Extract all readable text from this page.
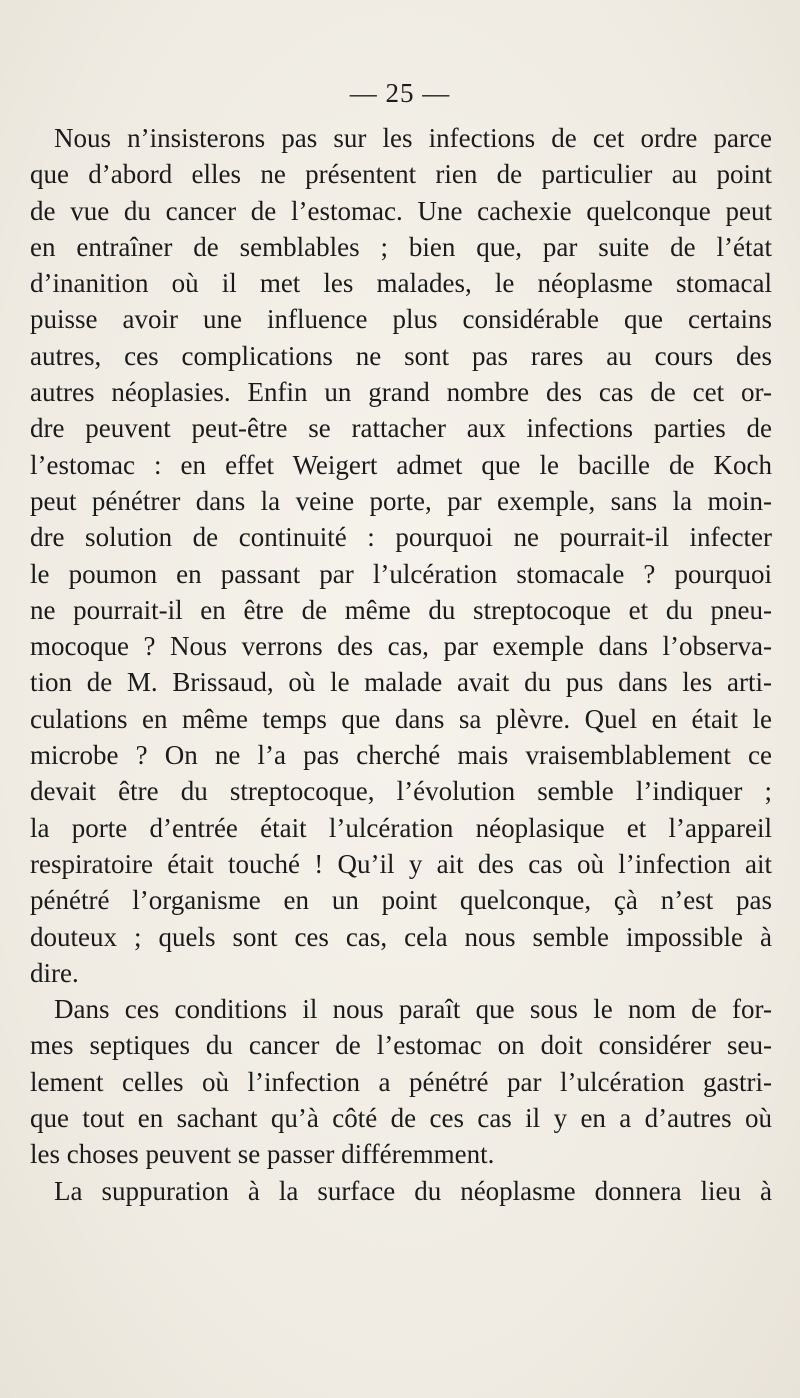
— 25 —
Nous n’insisterons pas sur les infections de cet ordre parce
que d’abord elles ne présentent rien de particulier au point
de vue du cancer de l’estomac. Une cachexie quelconque peut
en entraîner de semblables ; bien que, par suite de l’état
d’inanition où il met les malades, le néoplasme stomacal
puisse avoir une influence plus considérable que certains
autres, ces complications ne sont pas rares au cours des
autres néoplasies. Enfin un grand nombre des cas de cet or-
dre peuvent peut-être se rattacher aux infections parties de
l’estomac : en effet Weigert admet que le bacille de Koch
peut pénétrer dans la veine porte, par exemple, sans la moin-
dre solution de continuité : pourquoi ne pourrait-il infecter
le poumon en passant par l’ulcération stomacale ? pourquoi
ne pourrait-il en être de même du streptocoque et du pneu-
mocoque ? Nous verrons des cas, par exemple dans l’observa-
tion de M. Brissaud, où le malade avait du pus dans les arti-
culations en même temps que dans sa plèvre. Quel en était le
microbe ? On ne l’a pas cherché mais vraisemblablement ce
devait être du streptocoque, l’évolution semble l’indiquer ;
la porte d’entrée était l’ulcération néoplasique et l’appareil
respiratoire était touché ! Qu’il y ait des cas où l’infection ait
pénétré l’organisme en un point quelconque, çà n’est pas
douteux ; quels sont ces cas, cela nous semble impossible à
dire.
Dans ces conditions il nous paraît que sous le nom de for-
mes septiques du cancer de l’estomac on doit considérer seu-
lement celles où l’infection a pénétré par l’ulcération gastri-
que tout en sachant qu’à côté de ces cas il y en a d’autres où
les choses peuvent se passer différemment.
La suppuration à la surface du néoplasme donnera lieu à
